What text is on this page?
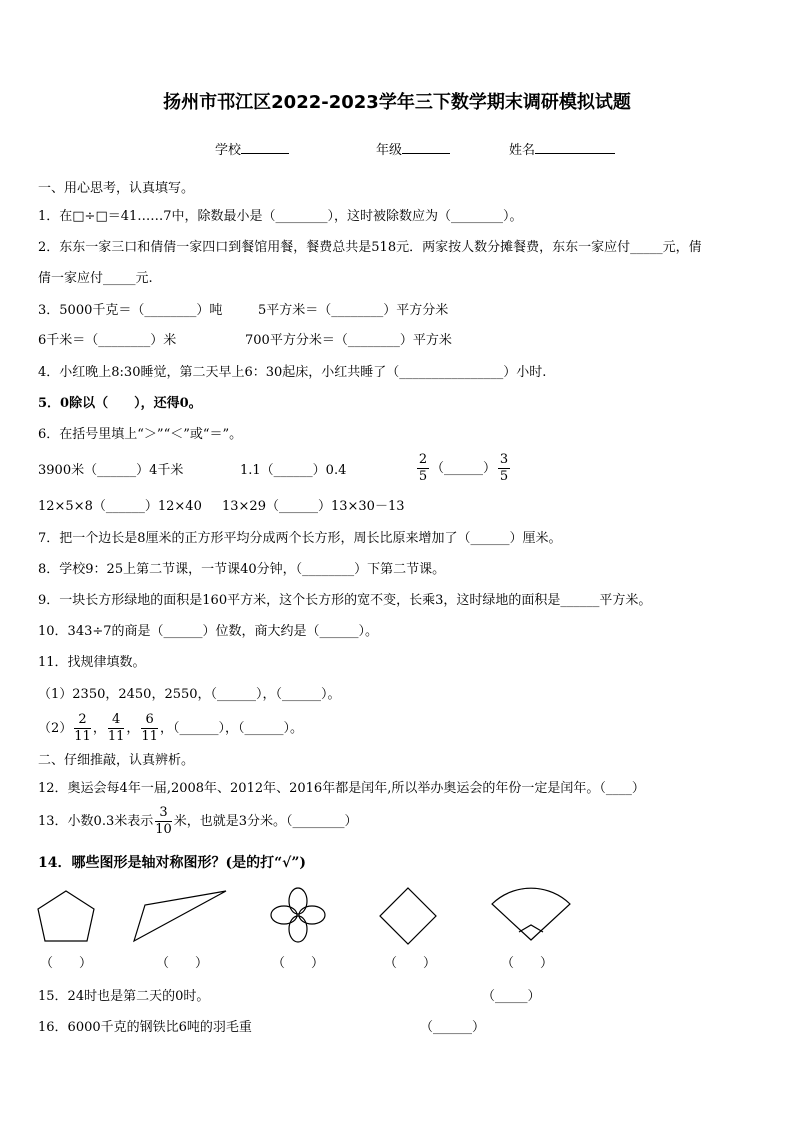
扬州市邗江区2022-2023学年三下数学期末调研模拟试题
学校	年级	姓名
一、用心思考，认真填写。
1．在□÷□＝41……7中，除数最小是（________），这时被除数应为（________）。
2．东东一家三口和倩倩一家四口到餐馆用餐，餐费总共是518元．两家按人数分摊餐费，东东一家应付_____元，倩
倩一家应付_____元.
3．5000千克＝（________）吨	5平方米＝（________）平方分米
6千米＝（________）米	700平方分米＝（________）平方米
4．小红晚上8:30睡觉，第二天早上6：30起床，小红共睡了（________________）小时.
5．0除以（　　），还得0。
6．在括号里填上“＞”“＜”或“＝”。
3900米（______）4千米	1.1（______）0.4	$\frac{2}{5}$ （______） $\frac{3}{5}$
12×5×8（______）12×40 13×29（______）13×30－13
7．把一个边长是8厘米的正方形平均分成两个长方形，周长比原来增加了（______）厘米。
8．学校9：25上第二节课，一节课40分钟，（________）下第二节课。
9．一块长方形绿地的面积是160平方米，这个长方形的宽不变，长乘3，这时绿地的面积是______平方米。
10．343÷7的商是（______）位数，商大约是（______）。
11．找规律填数。
（1）2350，2450，2550，（______），（______）。
$(2) \frac{2}{11}$ ， $\frac{4}{11}$ ， $\frac{6}{11}$ ，（______），（______）。
二、仔细推敲，认真辨析。
12．奥运会每4年一届,2008年、2012年、2016年都是闰年,所以举办奥运会的年份一定是闰年。（____）
13．小数0.3米表示 $\frac{3}{10}$ 米，也就是3分米。（________）
14．哪些图形是轴对称图形？(是的打“√”)
（　　）	（　　）	（　　）	（　　）	（　　）
15．24时也是第二天的0时。	（_____）
16．6000千克的钢铁比6吨的羽毛重	（______）
